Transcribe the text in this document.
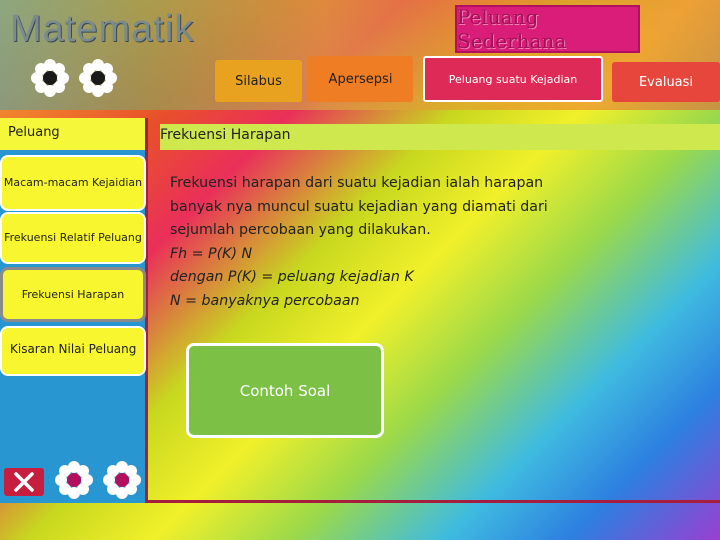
Matematik	Peluang Sederhana
Silabus	Apersepsi	Peluang suatu Kejadian	Evaluasi
Peluang
Macam-macam Kejaidian
Frekuensi Relatif Peluang
Frekuensi Harapan
Kisaran Nilai Peluang
Frekuensi Harapan
Frekuensi harapan dari suatu kejadian ialah harapan banyak nya muncul suatu kejadian yang diamati dari sejumlah percobaan yang dilakukan.
Fh = P(K) N
dengan P(K) = peluang kejadian K
N = banyaknya percobaan
Contoh Soal
